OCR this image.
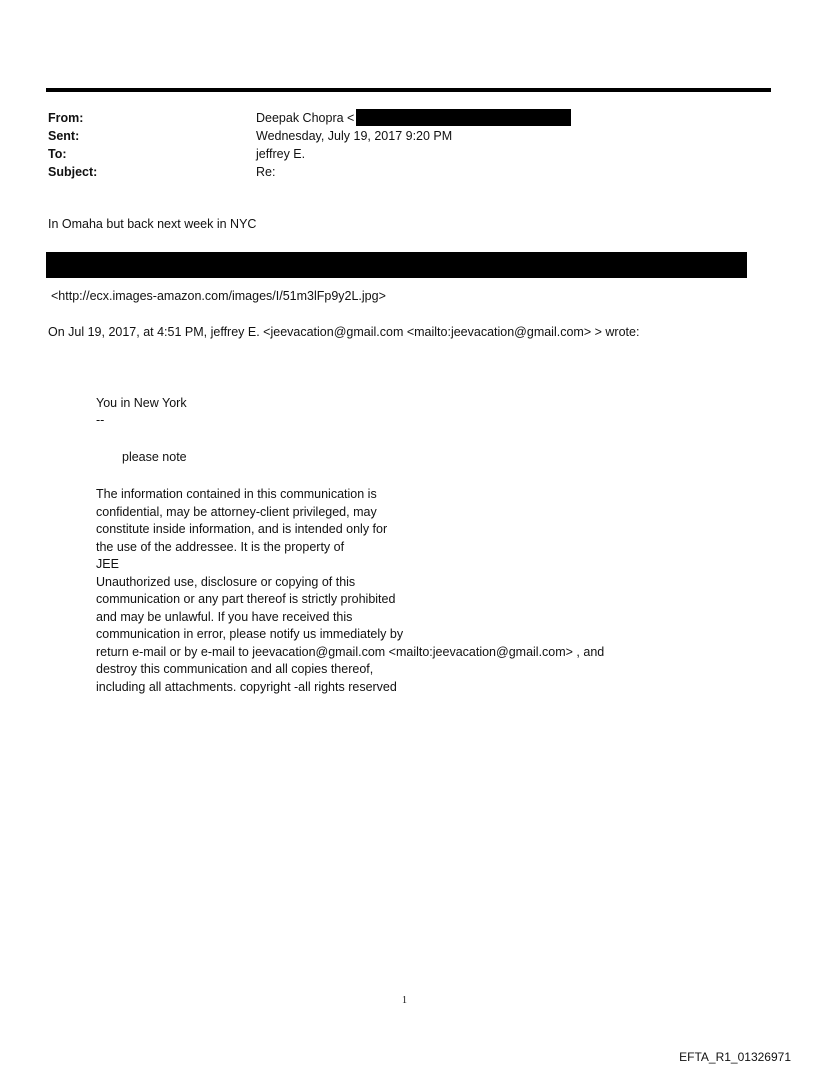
From:	Deepak Chopra <
Sent:	Wednesday, July 19, 2017 9:20 PM
To:	jeffrey E.
Subject:	Re:
In Omaha but back next week in NYC
<http://ecx.images-amazon.com/images/I/51m3lFp9y2L.jpg>
On Jul 19, 2017, at 4:51 PM, jeffrey E. <jeevacation@gmail.com <mailto:jeevacation@gmail.com> > wrote:
You in New York
--
please note
The information contained in this communication is
confidential, may be attorney-client privileged, may
constitute inside information, and is intended only for
the use of the addressee. It is the property of
JEE
Unauthorized use, disclosure or copying of this
communication or any part thereof is strictly prohibited
and may be unlawful. If you have received this
communication in error, please notify us immediately by
return e-mail or by e-mail to jeevacation@gmail.com <mailto:jeevacation@gmail.com> , and
destroy this communication and all copies thereof,
including all attachments. copyright -all rights reserved
1
EFTA_R1_01326971
